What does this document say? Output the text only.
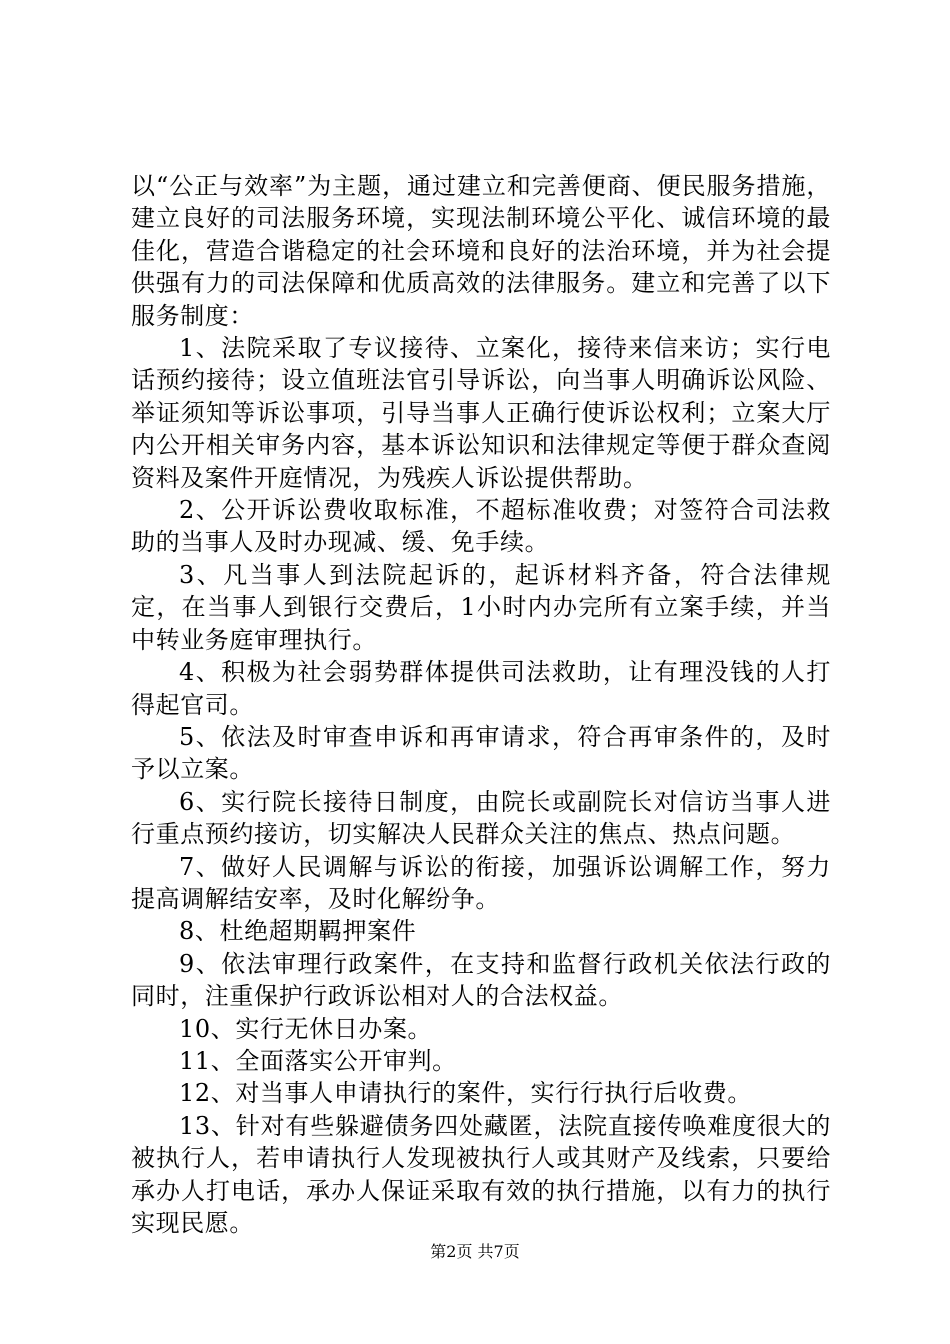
以“公正与效率”为主题，通过建立和完善便商、便民服务措施，建立良好的司法服务环境，实现法制环境公平化、诚信环境的最佳化，营造合谐稳定的社会环境和良好的法治环境，并为社会提供强有力的司法保障和优质高效的法律服务。建立和完善了以下服务制度：

1、法院采取了专议接待、立案化，接待来信来访；实行电话预约接待；设立值班法官引导诉讼，向当事人明确诉讼风险、举证须知等诉讼事项，引导当事人正确行使诉讼权利；立案大厅内公开相关审务内容，基本诉讼知识和法律规定等便于群众查阅资料及案件开庭情况，为残疾人诉讼提供帮助。

2、公开诉讼费收取标准，不超标准收费；对签符合司法救助的当事人及时办现减、缓、免手续。

3、凡当事人到法院起诉的，起诉材料齐备，符合法律规定，在当事人到银行交费后，1小时内办完所有立案手续，并当中转业务庭审理执行。

4、积极为社会弱势群体提供司法救助，让有理没钱的人打得起官司。

5、依法及时审查申诉和再审请求，符合再审条件的，及时予以立案。

6、实行院长接待日制度，由院长或副院长对信访当事人进行重点预约接访，切实解决人民群众关注的焦点、热点问题。

7、做好人民调解与诉讼的衔接，加强诉讼调解工作，努力提高调解结安率，及时化解纷争。

8、杜绝超期羁押案件

9、依法审理行政案件，在支持和监督行政机关依法行政的同时，注重保护行政诉讼相对人的合法权益。

10、实行无休日办案。

11、全面落实公开审判。

12、对当事人申请执行的案件，实行行执行后收费。

13、针对有些躲避债务四处藏匿，法院直接传唤难度很大的被执行人，若申请执行人发现被执行人或其财产及线索，只要给承办人打电话，承办人保证采取有效的执行措施，以有力的执行实现民愿。

第2页 共7页
